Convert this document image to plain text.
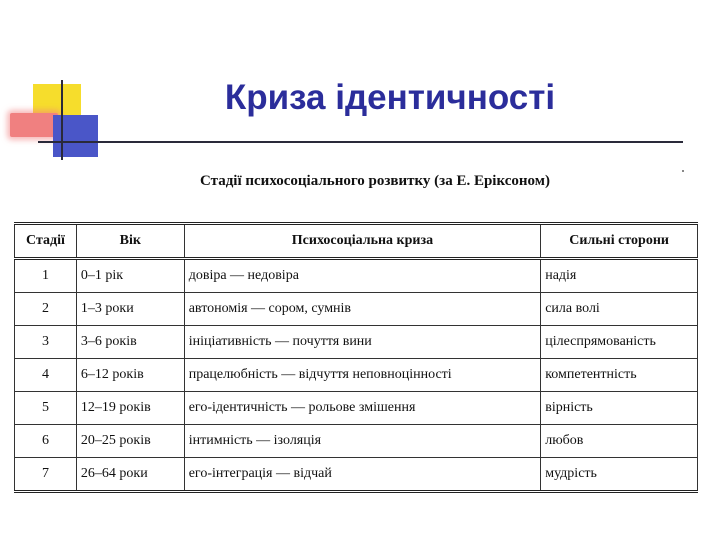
Криза ідентичності
Стадії психосоціального розвитку (за Е. Еріксоном)
Стадії	Вік	Психосоціальна криза	Сильні сторони
1	0–1 рік	довіра — недовіра	надія
2	1–3 роки	автономія — сором, сумнів	сила волі
3	3–6 років	ініціативність — почуття вини	цілеспрямованість
4	6–12 років	працелюбність — відчуття неповноцінності	компетентність
5	12–19 років	его-ідентичність — рольове змішення	вірність
6	20–25 років	інтимність — ізоляція	любов
7	26–64 роки	его-інтеграція — відчай	мудрість
